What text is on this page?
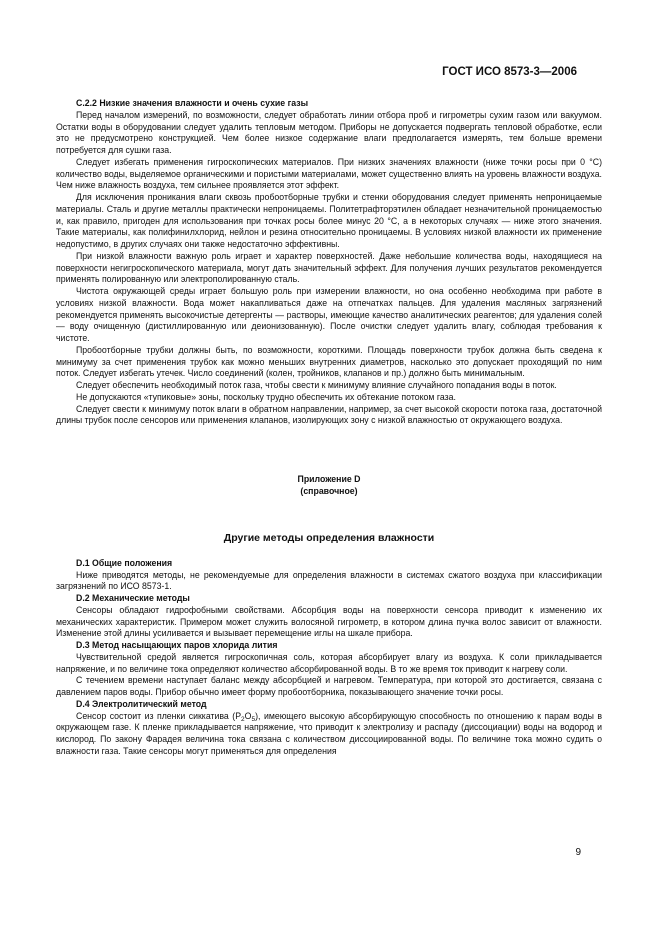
ГОСТ ИСО 8573-3—2006
C.2.2 Низкие значения влажности и очень сухие газы

Перед началом измерений, по возможности, следует обработать линии отбора проб и гигрометры сухим газом или вакуумом. Остатки воды в оборудовании следует удалить тепловым методом. Приборы не допускается подвергать тепловой обработке, если это не предусмотрено конструкцией. Чем более низкое содержание влаги предполагается измерять, тем больше времени потребуется для сушки газа.

Следует избегать применения гигроскопических материалов. При низких значениях влажности (ниже точки росы при 0 °C) количество воды, выделяемое органическими и пористыми материалами, может существенно влиять на уровень влажности воздуха. Чем ниже влажность воздуха, тем сильнее проявляется этот эффект.

Для исключения проникания влаги сквозь пробоотборные трубки и стенки оборудования следует применять непроницаемые материалы. Сталь и другие металлы практически непроницаемы. Политетрафторэтилен обладает незначительной проницаемостью и, как правило, пригоден для использования при точках росы более минус 20 °C, а в некоторых случаях — ниже этого значения. Такие материалы, как полифинилхлорид, нейлон и резина относительно проницаемы. В условиях низкой влажности их применение недопустимо, в других случаях они также недостаточно эффективны.

При низкой влажности важную роль играет и характер поверхностей. Даже небольшие количества воды, находящиеся на поверхности негигроскопического материала, могут дать значительный эффект. Для получения лучших результатов рекомендуется применять полированную или электрополированную сталь.

Чистота окружающей среды играет большую роль при измерении влажности, но она особенно необходима при работе в условиях низкой влажности. Вода может накапливаться даже на отпечатках пальцев. Для удаления масляных загрязнений рекомендуется применять высокочистые детергенты — растворы, имеющие качество аналитических реагентов; для удаления солей — воду очищенную (дистиллированную или деионизованную). После очистки следует удалить влагу, соблюдая требования к чистоте.

Пробоотборные трубки должны быть, по возможности, короткими. Площадь поверхности трубок должна быть сведена к минимуму за счет применения трубок как можно меньших внутренних диаметров, насколько это допускает проходящий по ним поток. Следует избегать утечек. Число соединений (колен, тройников, клапанов и пр.) должно быть минимальным.

Следует обеспечить необходимый поток газа, чтобы свести к минимуму влияние случайного попадания воды в поток.

Не допускаются «тупиковые» зоны, поскольку трудно обеспечить их обтекание потоком газа.

Следует свести к минимуму поток влаги в обратном направлении, например, за счет высокой скорости потока газа, достаточной длины трубок после сенсоров или применения клапанов, изолирующих зону с низкой влажностью от окружающего воздуха.

Приложение D
(справочное)
Другие методы определения влажности
D.1 Общие положения

Ниже приводятся методы, не рекомендуемые для определения влажности в системах сжатого воздуха при классификации загрязнений по ИСО 8573-1.

D.2 Механические методы

Сенсоры обладают гидрофобными свойствами. Абсорбция воды на поверхности сенсора приводит к изменению их механических характеристик. Примером может служить волосяной гигрометр, в котором длина пучка волос зависит от влажности. Изменение этой длины усиливается и вызывает перемещение иглы на шкале прибора.

D.3 Метод насыщающих паров хлорида лития

Чувствительной средой является гигроскопичная соль, которая абсорбирует влагу из воздуха. К соли прикладывается напряжение, и по величине тока определяют количество абсорбированной воды. В то же время ток приводит к нагреву соли.

С течением времени наступает баланс между абсорбцией и нагревом. Температура, при которой это достигается, связана с давлением паров воды. Прибор обычно имеет форму пробоотборника, показывающего значение точки росы.

D.4 Электролитический метод

Сенсор состоит из пленки сиккатива $(P_2O_5)$, имеющего высокую абсорбирующую способность по отношению к парам воды в окружающем газе. К пленке прикладывается напряжение, что приводит к электролизу и распаду (диссоциации) воды на водород и кислород. По закону Фарадея величина тока связана с количеством диссоциированной воды. По величине тока можно судить о влажности газа. Такие сенсоры могут применяться для определения

9
